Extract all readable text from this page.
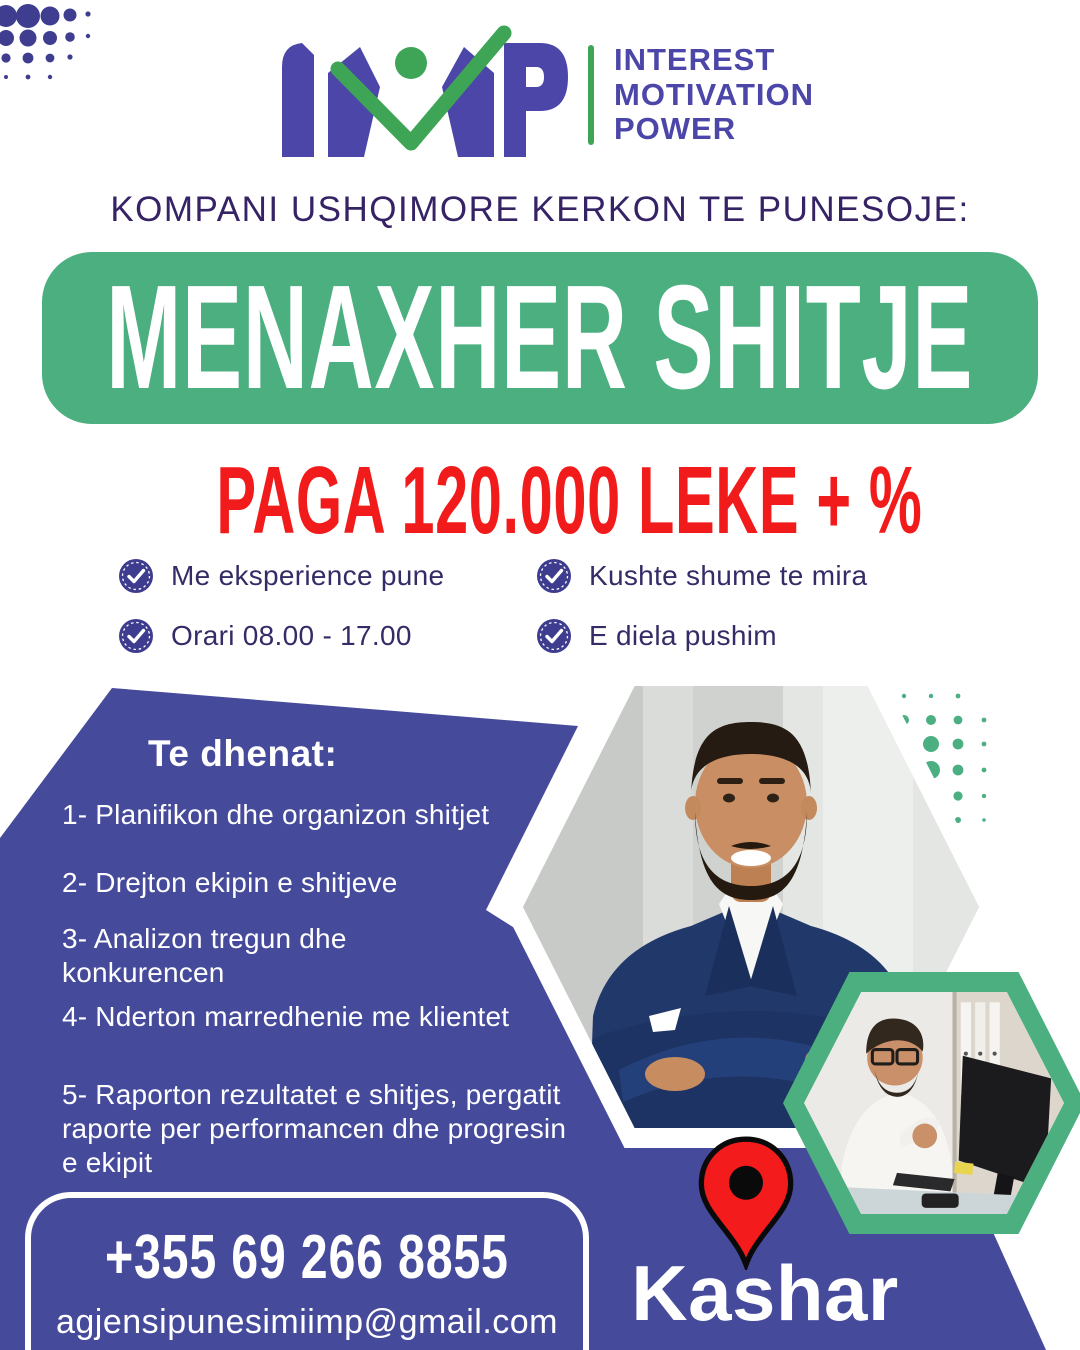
INTEREST
MOTIVATION
POWER
KOMPANI USHQIMORE KERKON TE PUNESOJE:
MENAXHER SHITJE
PAGA 120.000 LEKE + %
Me eksperience pune	Kushte shume te mira
Orari 08.00 - 17.00	E diela pushim
Te dhenat:
1- Planifikon dhe organizon shitjet
2- Drejton ekipin e shitjeve
3- Analizon tregun dhe konkurencen
4- Nderton marredhenie me klientet
5- Raporton rezultatet e shitjes, pergatit raporte per performancen dhe progresin e ekipit
+355 69 266 8855
agjensipunesimiimp@gmail.com Kashar
